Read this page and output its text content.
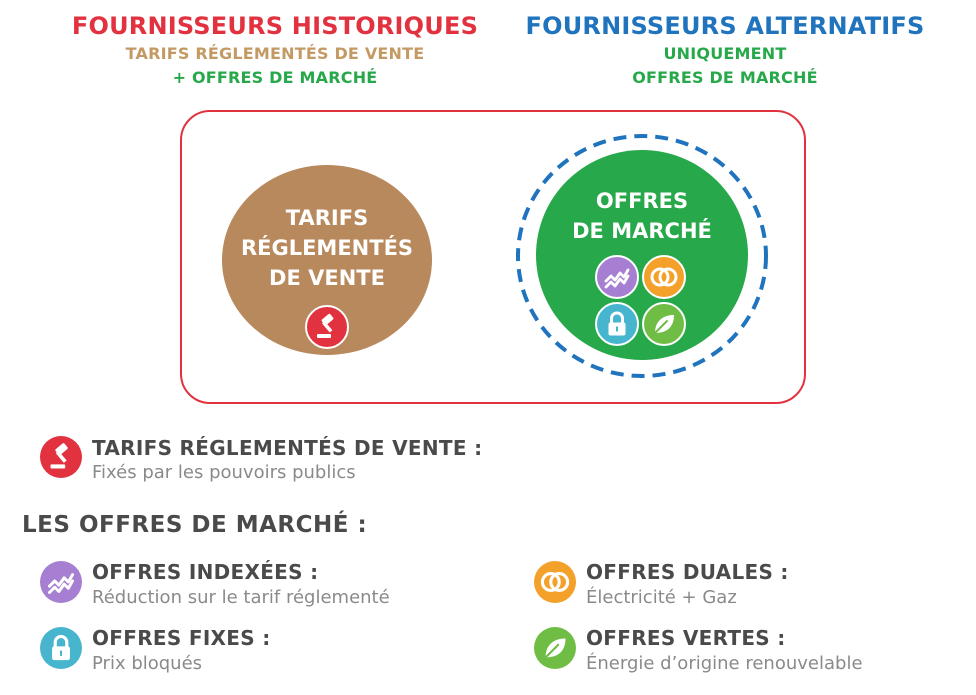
FOURNISSEURS HISTORIQUES
TARIFS RÉGLEMENTÉS DE VENTE
+ OFFRES DE MARCHÉ
FOURNISSEURS ALTERNATIFS
UNIQUEMENT
OFFRES DE MARCHÉ
TARIFS
RÉGLEMENTÉS
DE VENTE
OFFRES
DE MARCHÉ
TARIFS RÉGLEMENTÉS DE VENTE :
Fixés par les pouvoirs publics
LES OFFRES DE MARCHÉ :
OFFRES INDEXÉES :
Réduction sur le tarif réglementé
OFFRES DUALES :
Électricité + Gaz
OFFRES FIXES :
Prix bloqués
OFFRES VERTES :
Énergie d’origine renouvelable
